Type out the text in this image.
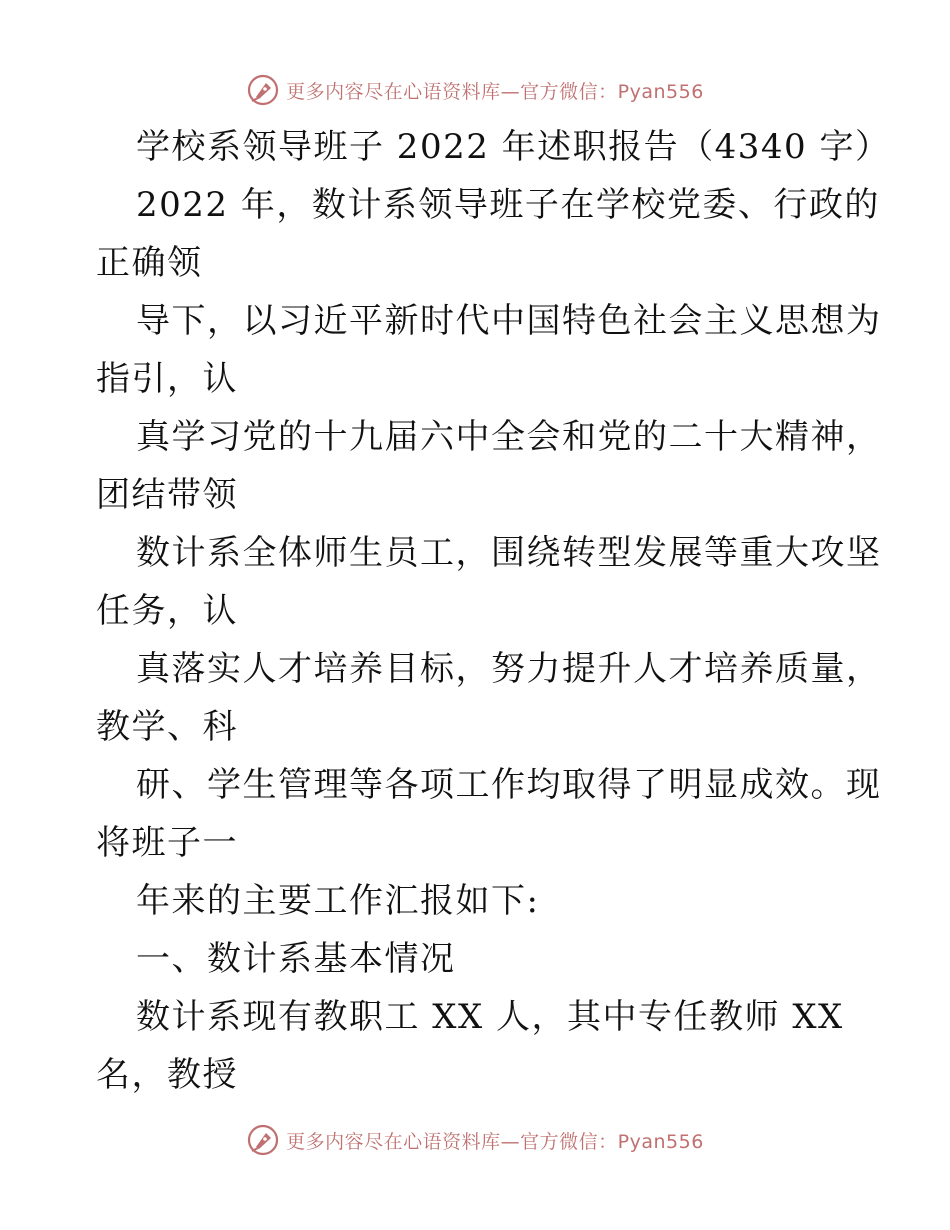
更多内容尽在心语资料库—官方微信：Pyan556
学校系领导班子 2022 年述职报告（4340 字）
2022 年，数计系领导班子在学校党委、行政的
正确领
导下，以习近平新时代中国特色社会主义思想为
指引，认
真学习党的十九届六中全会和党的二十大精神，
团结带领
数计系全体师生员工，围绕转型发展等重大攻坚
任务，认
真落实人才培养目标，努力提升人才培养质量，
教学、科
研、学生管理等各项工作均取得了明显成效。现
将班子一
年来的主要工作汇报如下:
一、数计系基本情况
数计系现有教职工 XX 人，其中专任教师 XX
名，教授
更多内容尽在心语资料库—官方微信：Pyan556
